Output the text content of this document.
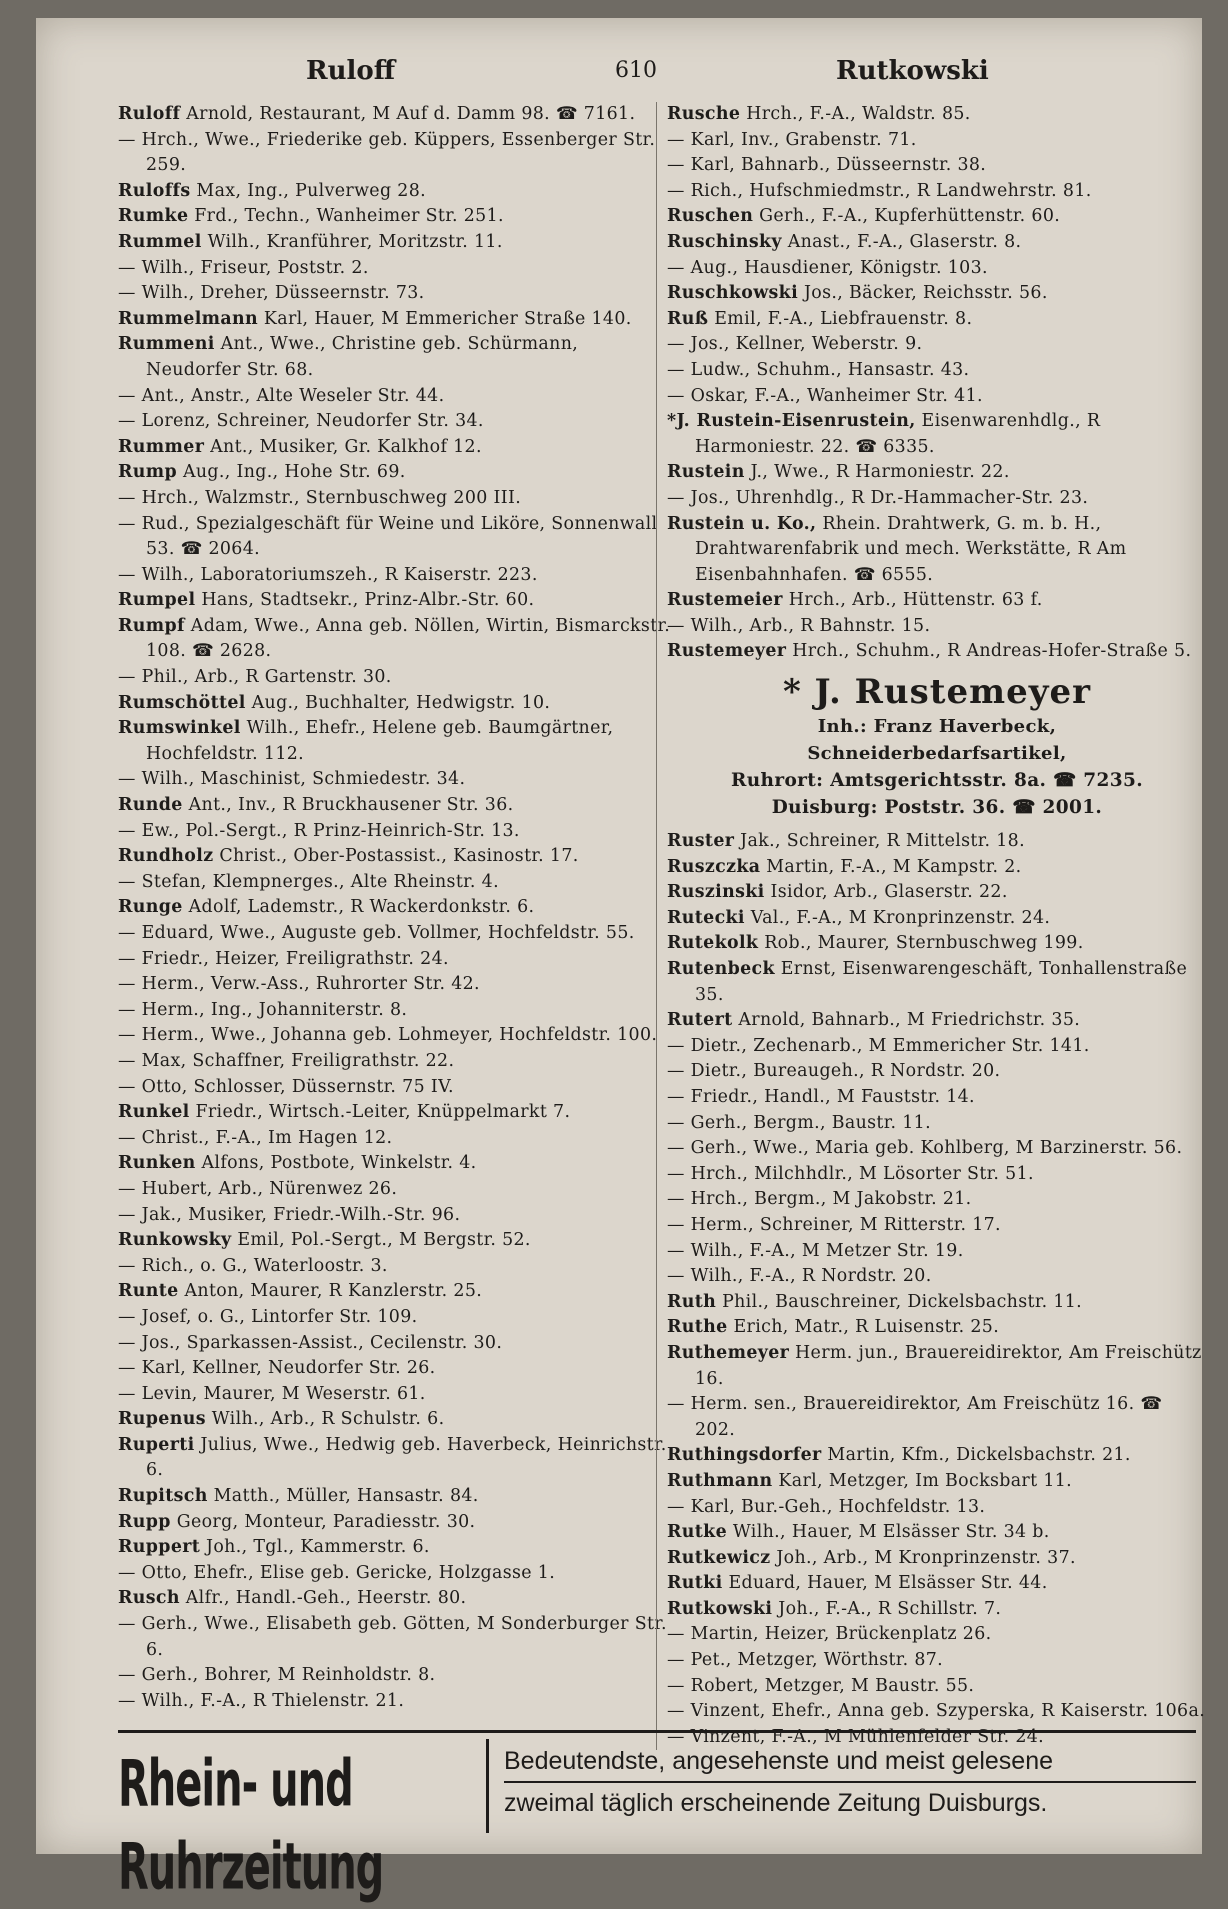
Ruloff	610	Rutkowski
Ruloff Arnold, Restaurant, M Auf d. Damm 98. ☎ 7161.
— Hrch., Wwe., Friederike geb. Küppers, Essenberger Str. 259.
Ruloffs Max, Ing., Pulverweg 28.
Rumke Frd., Techn., Wanheimer Str. 251.
Rummel Wilh., Kranführer, Moritzstr. 11.
— Wilh., Friseur, Poststr. 2.
— Wilh., Dreher, Düsseernstr. 73.
Rummelmann Karl, Hauer, M Emmericher Straße 140.
Rummeni Ant., Wwe., Christine geb. Schürmann, Neudorfer Str. 68.
— Ant., Anstr., Alte Weseler Str. 44.
— Lorenz, Schreiner, Neudorfer Str. 34.
Rummer Ant., Musiker, Gr. Kalkhof 12.
Rump Aug., Ing., Hohe Str. 69.
— Hrch., Walzmstr., Sternbuschweg 200 III.
— Rud., Spezialgeschäft für Weine und Liköre, Sonnenwall 53. ☎ 2064.
— Wilh., Laboratoriumszeh., R Kaiserstr. 223.
Rumpel Hans, Stadtsekr., Prinz-Albr.-Str. 60.
Rumpf Adam, Wwe., Anna geb. Nöllen, Wirtin, Bismarckstr. 108. ☎ 2628.
— Phil., Arb., R Gartenstr. 30.
Rumschöttel Aug., Buchhalter, Hedwigstr. 10.
Rumswinkel Wilh., Ehefr., Helene geb. Baumgärtner, Hochfeldstr. 112.
— Wilh., Maschinist, Schmiedestr. 34.
Runde Ant., Inv., R Bruckhausener Str. 36.
— Ew., Pol.-Sergt., R Prinz-Heinrich-Str. 13.
Rundholz Christ., Ober-Postassist., Kasinostr. 17.
— Stefan, Klempnerges., Alte Rheinstr. 4.
Runge Adolf, Lademstr., R Wackerdonkstr. 6.
— Eduard, Wwe., Auguste geb. Vollmer, Hochfeldstr. 55.
— Friedr., Heizer, Freiligrathstr. 24.
— Herm., Verw.-Ass., Ruhrorter Str. 42.
— Herm., Ing., Johanniterstr. 8.
— Herm., Wwe., Johanna geb. Lohmeyer, Hochfeldstr. 100.
— Max, Schaffner, Freiligrathstr. 22.
— Otto, Schlosser, Düssernstr. 75 IV.
Runkel Friedr., Wirtsch.-Leiter, Knüppelmarkt 7.
— Christ., F.-A., Im Hagen 12.
Runken Alfons, Postbote, Winkelstr. 4.
— Hubert, Arb., Nürenwez 26.
— Jak., Musiker, Friedr.-Wilh.-Str. 96.
Runkowsky Emil, Pol.-Sergt., M Bergstr. 52.
— Rich., o. G., Waterloostr. 3.
Runte Anton, Maurer, R Kanzlerstr. 25.
— Josef, o. G., Lintorfer Str. 109.
— Jos., Sparkassen-Assist., Cecilenstr. 30.
— Karl, Kellner, Neudorfer Str. 26.
— Levin, Maurer, M Weserstr. 61.
Rupenus Wilh., Arb., R Schulstr. 6.
Ruperti Julius, Wwe., Hedwig geb. Haverbeck, Heinrichstr. 6.
Rupitsch Matth., Müller, Hansastr. 84.
Rupp Georg, Monteur, Paradiesstr. 30.
Ruppert Joh., Tgl., Kammerstr. 6.
— Otto, Ehefr., Elise geb. Gericke, Holzgasse 1.
Rusch Alfr., Handl.-Geh., Heerstr. 80.
— Gerh., Wwe., Elisabeth geb. Götten, M Sonderburger Str. 6.
— Gerh., Bohrer, M Reinholdstr. 8.
— Wilh., F.-A., R Thielenstr. 21.
Rusche Hrch., F.-A., Waldstr. 85.
— Karl, Inv., Grabenstr. 71.
— Karl, Bahnarb., Düsseernstr. 38.
— Rich., Hufschmiedmstr., R Landwehrstr. 81.
Ruschen Gerh., F.-A., Kupferhüttenstr. 60.
Ruschinsky Anast., F.-A., Glaserstr. 8.
— Aug., Hausdiener, Königstr. 103.
Ruschkowski Jos., Bäcker, Reichsstr. 56.
Ruß Emil, F.-A., Liebfrauenstr. 8.
— Jos., Kellner, Weberstr. 9.
— Ludw., Schuhm., Hansastr. 43.
— Oskar, F.-A., Wanheimer Str. 41.
*J. Rustein-Eisenrustein, Eisenwarenhdlg., R Harmoniestr. 22. ☎ 6335.
Rustein J., Wwe., R Harmoniestr. 22.
— Jos., Uhrenhdlg., R Dr.-Hammacher-Str. 23.
Rustein u. Ko., Rhein. Drahtwerk, G. m. b. H., Drahtwarenfabrik und mech. Werkstätte, R Am Eisenbahnhafen. ☎ 6555.
Rustemeier Hrch., Arb., Hüttenstr. 63 f.
— Wilh., Arb., R Bahnstr. 15.
Rustemeyer Hrch., Schuhm., R Andreas-Hofer-Straße 5.
* J. Rustemeyer
Inh.: Franz Haverbeck,
Schneiderbedarfsartikel,
Ruhrort: Amtsgerichtsstr. 8a. ☎ 7235.
Duisburg: Poststr. 36. ☎ 2001.
Ruster Jak., Schreiner, R Mittelstr. 18.
Ruszczka Martin, F.-A., M Kampstr. 2.
Ruszinski Isidor, Arb., Glaserstr. 22.
Rutecki Val., F.-A., M Kronprinzenstr. 24.
Rutekolk Rob., Maurer, Sternbuschweg 199.
Rutenbeck Ernst, Eisenwarengeschäft, Tonhallenstraße 35.
Rutert Arnold, Bahnarb., M Friedrichstr. 35.
— Dietr., Zechenarb., M Emmericher Str. 141.
— Dietr., Bureaugeh., R Nordstr. 20.
— Friedr., Handl., M Fauststr. 14.
— Gerh., Bergm., Baustr. 11.
— Gerh., Wwe., Maria geb. Kohlberg, M Barzinerstr. 56.
— Hrch., Milchhdlr., M Lösorter Str. 51.
— Hrch., Bergm., M Jakobstr. 21.
— Herm., Schreiner, M Ritterstr. 17.
— Wilh., F.-A., M Metzer Str. 19.
— Wilh., F.-A., R Nordstr. 20.
Ruth Phil., Bauschreiner, Dickelsbachstr. 11.
Ruthe Erich, Matr., R Luisenstr. 25.
Ruthemeyer Herm. jun., Brauereidirektor, Am Freischütz 16.
— Herm. sen., Brauereidirektor, Am Freischütz 16. ☎ 202.
Ruthingsdorfer Martin, Kfm., Dickelsbachstr. 21.
Ruthmann Karl, Metzger, Im Bocksbart 11.
— Karl, Bur.-Geh., Hochfeldstr. 13.
Rutke Wilh., Hauer, M Elsässer Str. 34 b.
Rutkewicz Joh., Arb., M Kronprinzenstr. 37.
Rutki Eduard, Hauer, M Elsässer Str. 44.
Rutkowski Joh., F.-A., R Schillstr. 7.
— Martin, Heizer, Brückenplatz 26.
— Pet., Metzger, Wörthstr. 87.
— Robert, Metzger, M Baustr. 55.
— Vinzent, Ehefr., Anna geb. Szyperska, R Kaiserstr. 106a.
— Vinzent, F.-A., M Mühlenfelder Str. 24.
Rhein- und Ruhrzeitung
Bedeutendste, angesehenste und meist gelesene
zweimal täglich erscheinende Zeitung Duisburgs.
